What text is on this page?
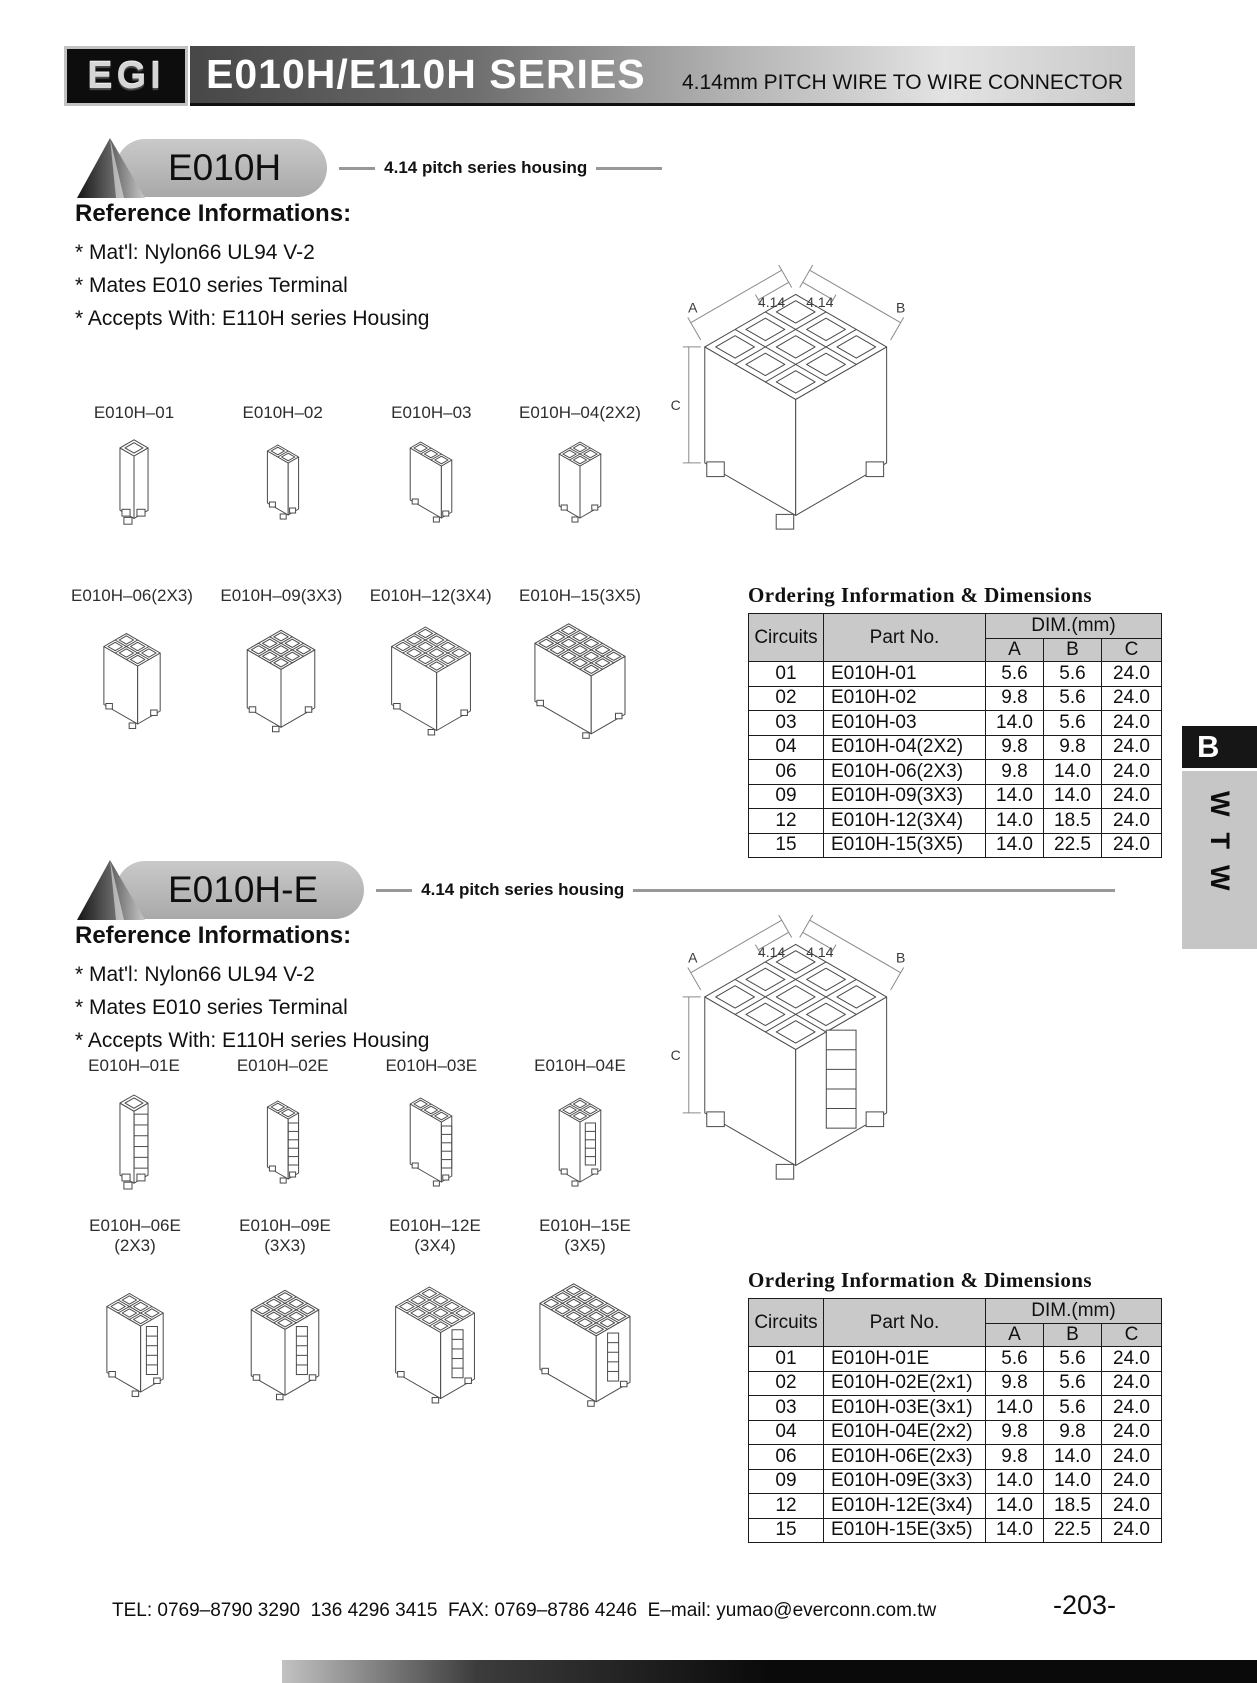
EGI	E010H/E110H SERIES 4.14mm PITCH WIRE TO WIRE CONNECTOR
E010H	4.14 pitch series housing
Reference Informations:
* Mat'l: Nylon66 UL94 V-2
* Mates E010 series Terminal
* Accepts With: E110H series Housing
E010H–01	E010H–02	E010H–03	E010H–04(2X2)
E010H–06(2X3) E010H–09(3X3) E010H–12(3X4) E010H–15(3X5)
A	4.14	B
4.14
C
Ordering Information & Dimensions
Circuits	Part No.	DIM.(mm)		
		A	B	C
01	E010H-01	5.6	5.6	24.0
02	E010H-02	9.8	5.6	24.0
03	E010H-03	14.0	5.6	24.0
04	E010H-04(2X2)	9.8	9.8	24.0
06	E010H-06(2X3)	9.8	14.0	24.0
09	E010H-09(3X3)	14.0	14.0	24.0
12	E010H-12(3X4)	14.0	18.5	24.0
15	E010H-15(3X5)	14.0	22.5	24.0
B
WTW
E010H-E	4.14 pitch series housing
Reference Informations:
* Mat'l: Nylon66 UL94 V-2
* Mates E010 series Terminal
* Accepts With: E110H series Housing
E010H–01E	E010H–02E	E010H–03E	E010H–04E
E010H–06E
(2X3)
E010H–09E
(3X3)
E010H–12E
(3X4)
E010H–15E
(3X5)
A	4.14	B
4.14
C
Ordering Information & Dimensions
Circuits	Part No.	DIM.(mm)		
		A	B	C
01	E010H-01E	5.6	5.6	24.0
02	E010H-02E(2x1)	9.8	5.6	24.0
03	E010H-03E(3x1)	14.0	5.6	24.0
04	E010H-04E(2x2)	9.8	9.8	24.0
06	E010H-06E(2x3)	9.8	14.0	24.0
09	E010H-09E(3x3)	14.0	14.0	24.0
12	E010H-12E(3x4)	14.0	18.5	24.0
15	E010H-15E(3x5)	14.0	22.5	24.0
TEL: 0769–8790 3290  136 4296 3415  FAX: 0769–8786 4246  E–mail: yumao@everconn.com.tw	-203-
